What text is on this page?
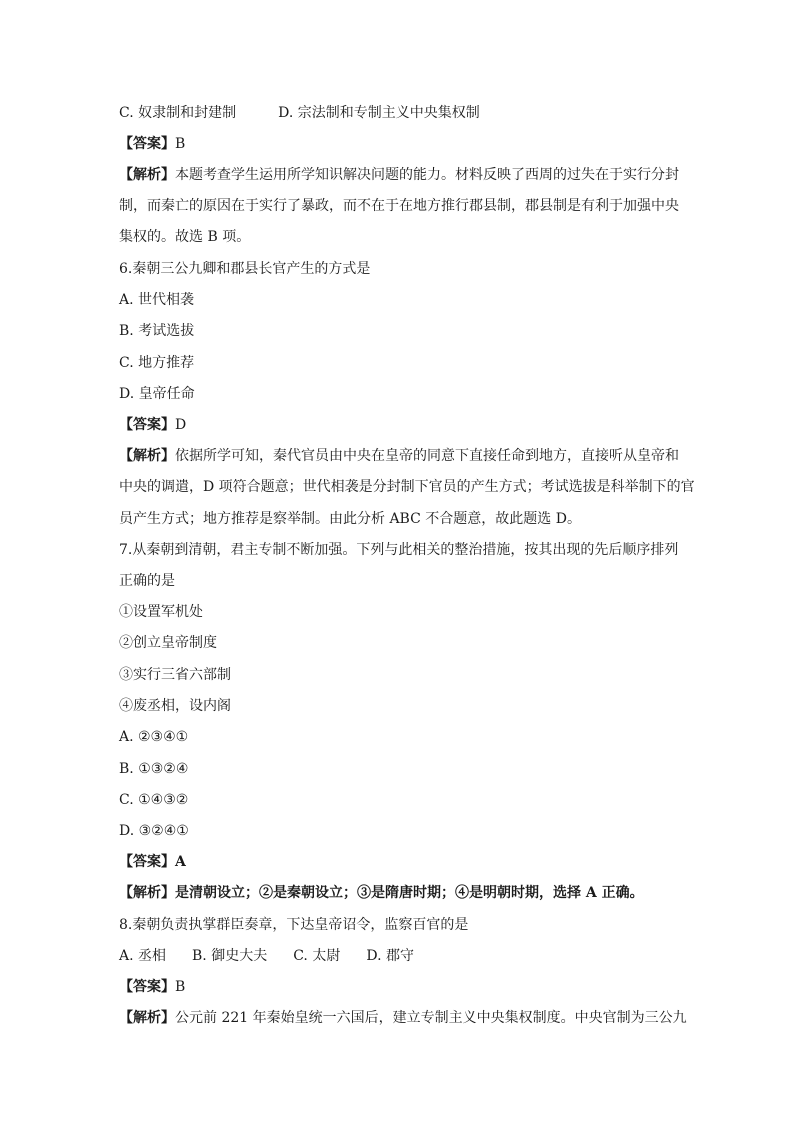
C. 奴隶制和封建制	D. 宗法制和专制主义中央集权制
【答案】B
【解析】本题考查学生运用所学知识解决问题的能力。材料反映了西周的过失在于实行分封
制，而秦亡的原因在于实行了暴政，而不在于在地方推行郡县制，郡县制是有利于加强中央
集权的。故选 B 项。
6.秦朝三公九卿和郡县长官产生的方式是
A. 世代相袭
B. 考试选拔
C. 地方推荐
D. 皇帝任命
【答案】D
【解析】依据所学可知，秦代官员由中央在皇帝的同意下直接任命到地方，直接听从皇帝和
中央的调遣，D 项符合题意；世代相袭是分封制下官员的产生方式；考试选拔是科举制下的官
员产生方式；地方推荐是察举制。由此分析 ABC 不合题意，故此题选 D。
7.从秦朝到清朝，君主专制不断加强。下列与此相关的整治措施，按其出现的先后顺序排列
正确的是
①设置军机处
②创立皇帝制度
③实行三省六部制
④废丞相，设内阁
A. ②③④①
B. ①③②④
C. ①④③②
D. ③②④①
【答案】A
【解析】是清朝设立；②是秦朝设立；③是隋唐时期；④是明朝时期，选择 A 正确。
8.秦朝负责执掌群臣奏章，下达皇帝诏令，监察百官的是
A. 丞相 B. 御史大夫 C. 太尉 D. 郡守
【答案】B
【解析】公元前 221 年秦始皇统一六国后，建立专制主义中央集权制度。中央官制为三公九
